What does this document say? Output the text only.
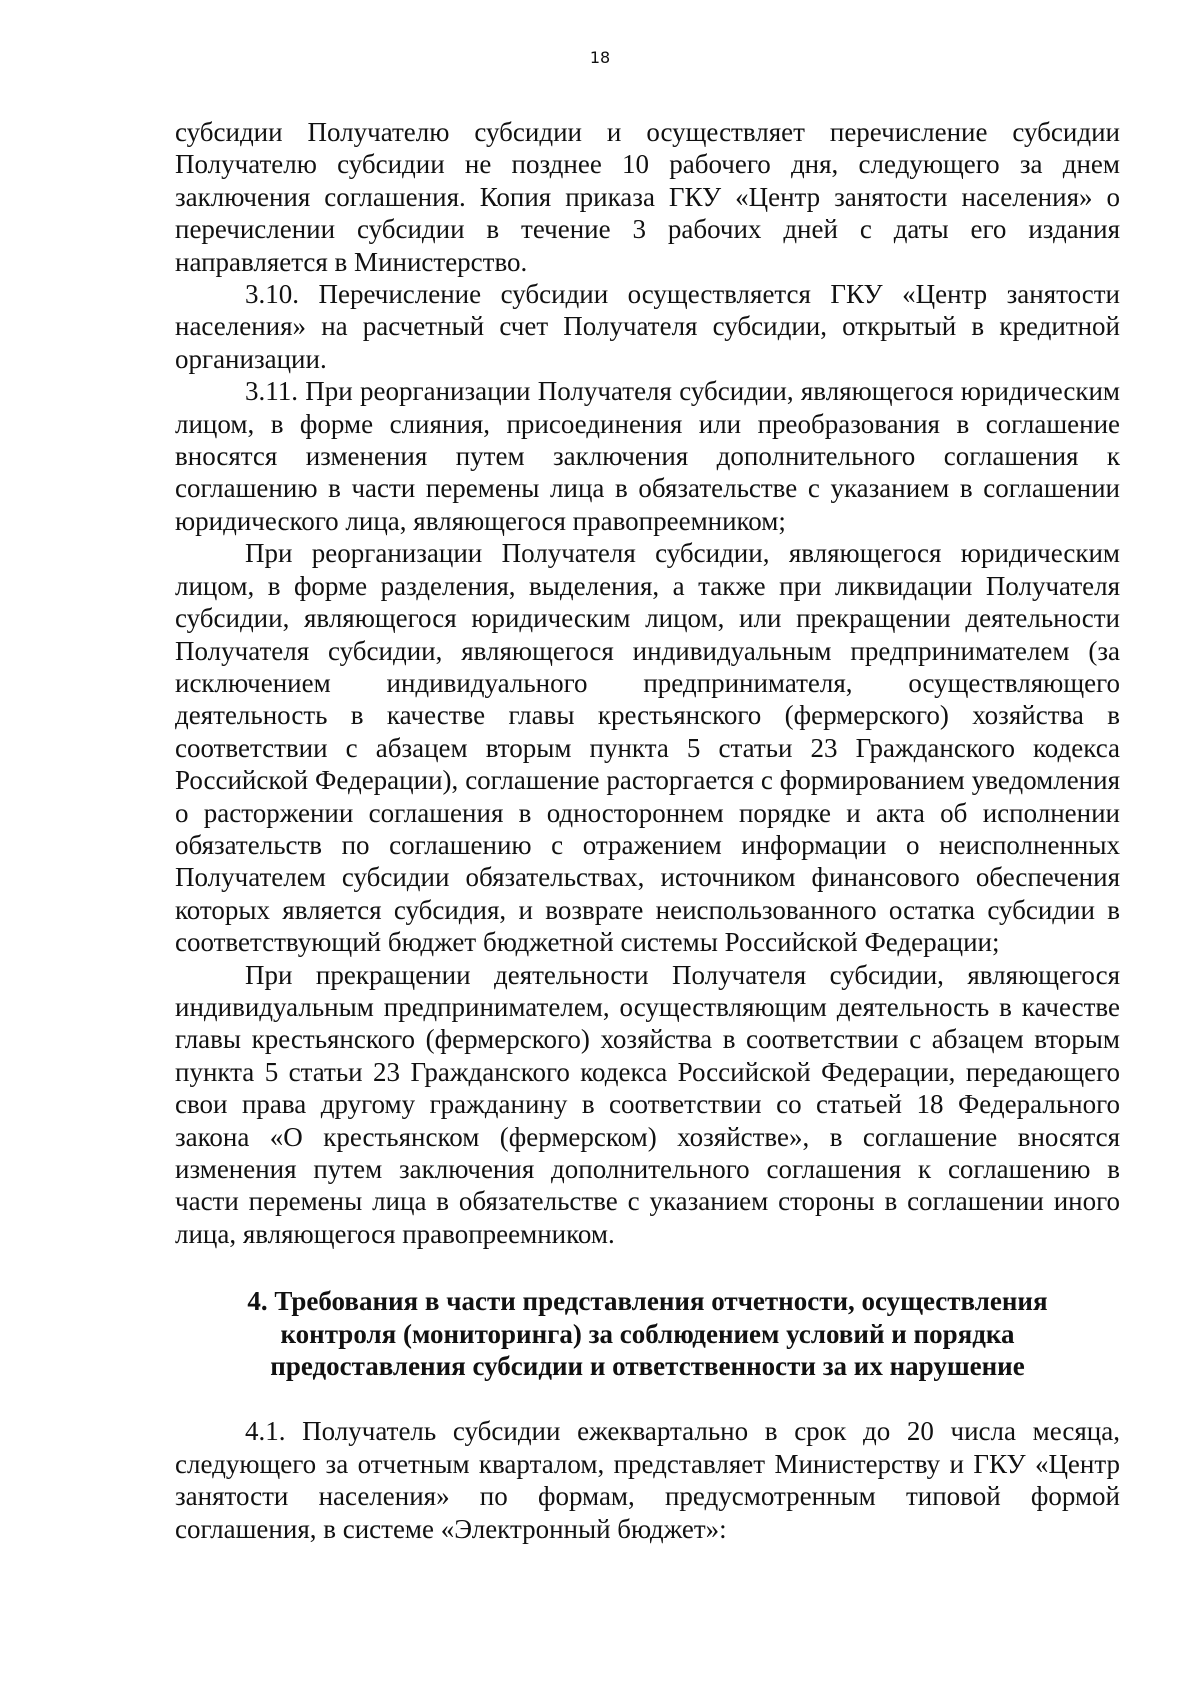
18

субсидии Получателю субсидии и осуществляет перечисление субсидии Получателю субсидии не позднее 10 рабочего дня, следующего за днем заключения соглашения. Копия приказа ГКУ «Центр занятости населения» о перечислении субсидии в течение 3 рабочих дней с даты его издания направляется в Министерство.

3.10. Перечисление субсидии осуществляется ГКУ «Центр занятости населения» на расчетный счет Получателя субсидии, открытый в кредитной организации.

3.11. При реорганизации Получателя субсидии, являющегося юридическим лицом, в форме слияния, присоединения или преобразования в соглашение вносятся изменения путем заключения дополнительного соглашения к соглашению в части перемены лица в обязательстве с указанием в соглашении юридического лица, являющегося правопреемником;

При реорганизации Получателя субсидии, являющегося юридическим лицом, в форме разделения, выделения, а также при ликвидации Получателя субсидии, являющегося юридическим лицом, или прекращении деятельности Получателя субсидии, являющегося индивидуальным предпринимателем (за исключением индивидуального предпринимателя, осуществляющего деятельность в качестве главы крестьянского (фермерского) хозяйства в соответствии с абзацем вторым пункта 5 статьи 23 Гражданского кодекса Российской Федерации), соглашение расторгается с формированием уведомления о расторжении соглашения в одностороннем порядке и акта об исполнении обязательств по соглашению с отражением информации о неисполненных Получателем субсидии обязательствах, источником финансового обеспечения которых является субсидия, и возврате неиспользованного остатка субсидии в соответствующий бюджет бюджетной системы Российской Федерации;

При прекращении деятельности Получателя субсидии, являющегося индивидуальным предпринимателем, осуществляющим деятельность в качестве главы крестьянского (фермерского) хозяйства в соответствии с абзацем вторым пункта 5 статьи 23 Гражданского кодекса Российской Федерации, передающего свои права другому гражданину в соответствии со статьей 18 Федерального закона «О крестьянском (фермерском) хозяйстве», в соглашение вносятся изменения путем заключения дополнительного соглашения к соглашению в части перемены лица в обязательстве с указанием стороны в соглашении иного лица, являющегося правопреемником.

4. Требования в части представления отчетности, осуществления
контроля (мониторинга) за соблюдением условий и порядка
предоставления субсидии и ответственности за их нарушение

4.1. Получатель субсидии ежеквартально в срок до 20 числа месяца, следующего за отчетным кварталом, представляет Министерству и ГКУ «Центр занятости населения» по формам, предусмотренным типовой формой соглашения, в системе «Электронный бюджет»:
